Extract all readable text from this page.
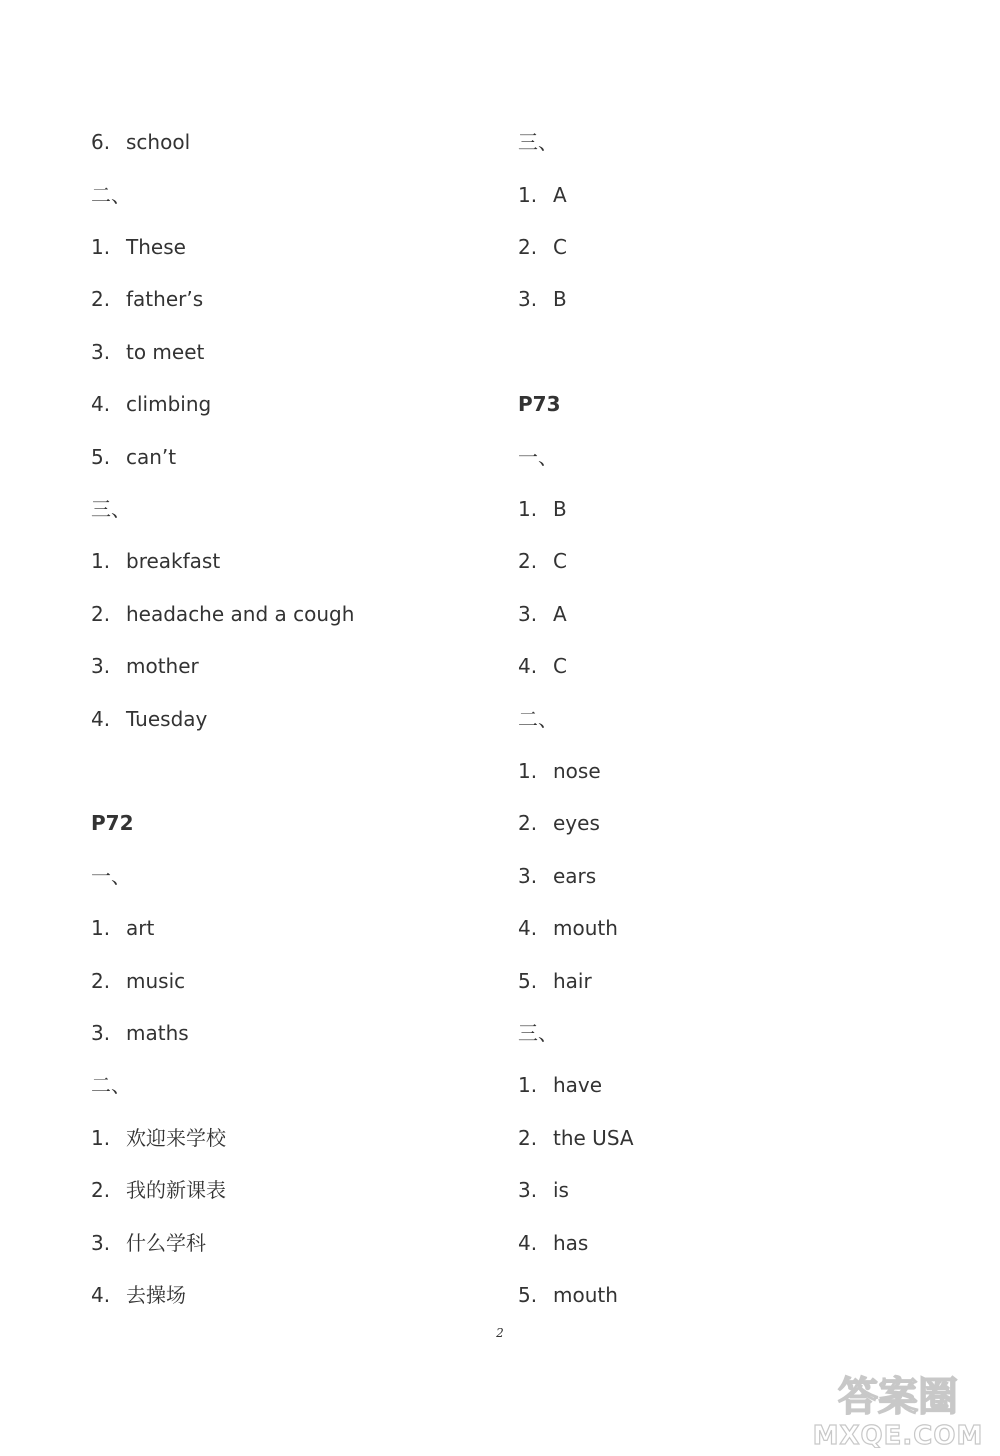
6. school
二、
1. These
2. father’s
3. to meet
4. climbing
5. can’t
三、
1. breakfast
2. headache and a cough
3. mother
4. Tuesday
P72
一、
1. art
2. music
3. maths
二、
1. 欢迎来学校
2. 我的新课表
3. 什么学科
4. 去操场
三、
1. A
2. C
3. B
P73
一、
1. B
2. C
3. A
4. C
二、
1. nose
2. eyes
3. ears
4. mouth
5. hair
三、
1. have
2. the USA
3. is
4. has
5. mouth
2
答案圈
MXQE.COM
